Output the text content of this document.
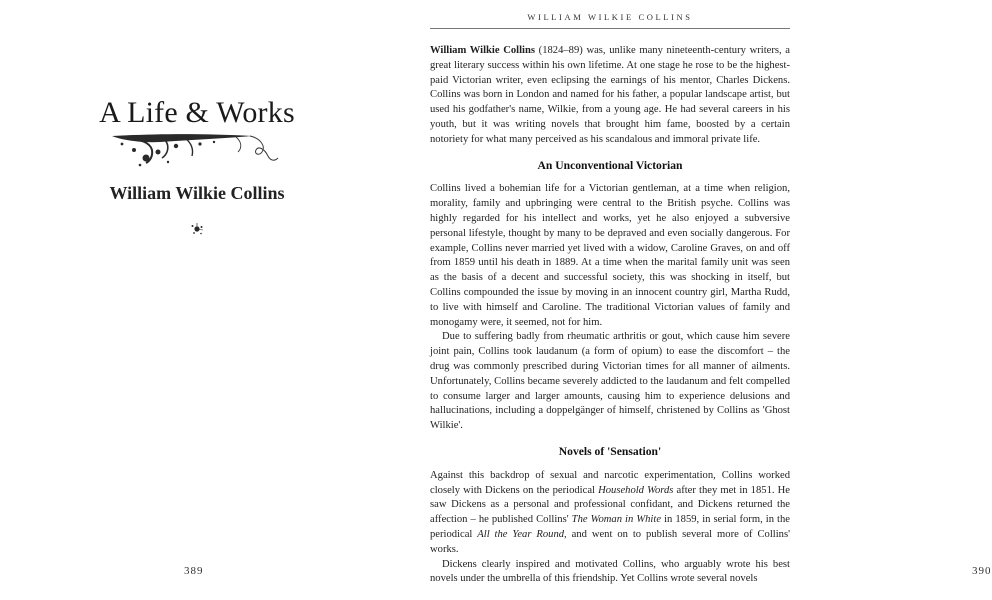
A Life & Works
William Wilkie Collins
389
WILLIAM WILKIE COLLINS

William Wilkie Collins (1824–89) was, unlike many nineteenth-century writers, a great literary success within his own lifetime. At one stage he rose to be the highest-paid Victorian writer, even eclipsing the earnings of his mentor, Charles Dickens. Collins was born in London and named for his father, a popular landscape artist, but used his godfather's name, Wilkie, from a young age. He had several careers in his youth, but it was writing novels that brought him fame, boosted by a certain notoriety for what many perceived as his scandalous and immoral private life.

An Unconventional Victorian

Collins lived a bohemian life for a Victorian gentleman, at a time when religion, morality, family and upbringing were central to the British psyche. Collins was highly regarded for his intellect and works, yet he also enjoyed a subversive personal lifestyle, thought by many to be depraved and even socially dangerous. For example, Collins never married yet lived with a widow, Caroline Graves, on and off from 1859 until his death in 1889. At a time when the marital family unit was seen as the basis of a decent and successful society, this was shocking in itself, but Collins compounded the issue by moving in an innocent country girl, Martha Rudd, to live with himself and Caroline. The traditional Victorian values of family and monogamy were, it seemed, not for him.

Due to suffering badly from rheumatic arthritis or gout, which cause him severe joint pain, Collins took laudanum (a form of opium) to ease the discomfort – the drug was commonly prescribed during Victorian times for all manner of ailments. Unfortunately, Collins became severely addicted to the laudanum and felt compelled to consume larger and larger amounts, causing him to experience delusions and hallucinations, including a doppelgänger of himself, christened by Collins as 'Ghost Wilkie'.

Novels of 'Sensation'

Against this backdrop of sexual and narcotic experimentation, Collins worked closely with Dickens on the periodical Household Words after they met in 1851. He saw Dickens as a personal and professional confidant, and Dickens returned the affection – he published Collins' The Woman in White in 1859, in serial form, in the periodical All the Year Round, and went on to publish several more of Collins' works.

Dickens clearly inspired and motivated Collins, who arguably wrote his best novels under the umbrella of this friendship. Yet Collins wrote several novels

390
